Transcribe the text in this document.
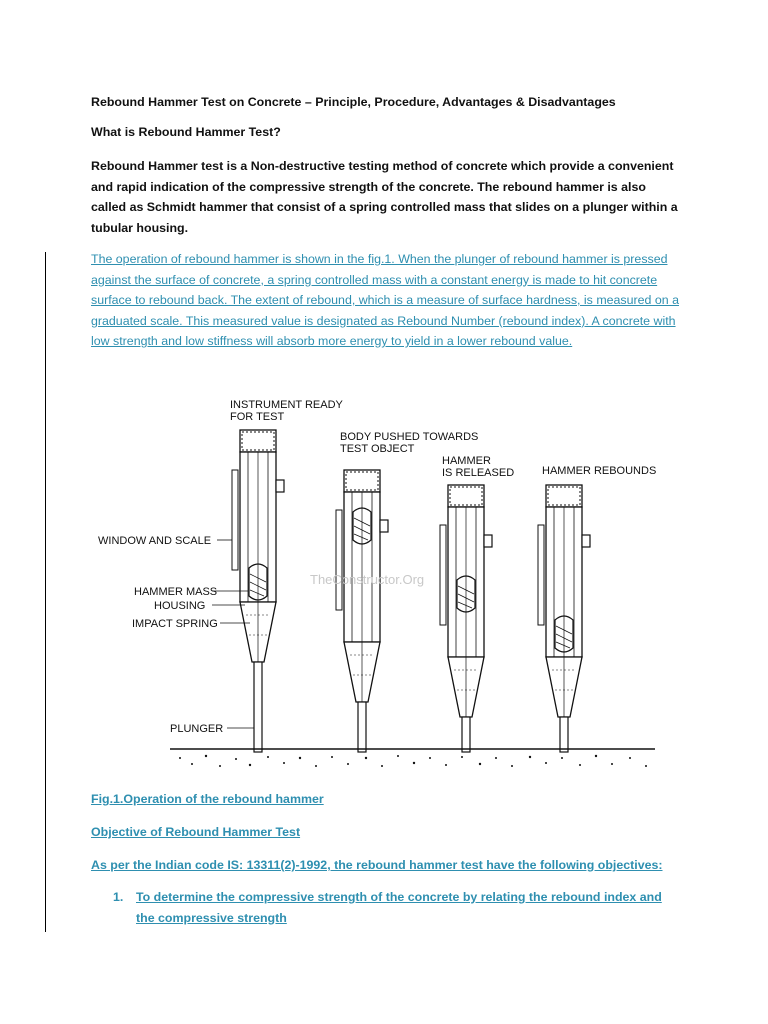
Rebound Hammer Test on Concrete – Principle, Procedure, Advantages & Disadvantages
What is Rebound Hammer Test?
Rebound Hammer test is a Non-destructive testing method of concrete which provide a convenient and rapid indication of the compressive strength of the concrete. The rebound hammer is also called as Schmidt hammer that consist of a spring controlled mass that slides on a plunger within a tubular housing.
The operation of rebound hammer is shown in the fig.1. When the plunger of rebound hammer is pressed against the surface of concrete, a spring controlled mass with a constant energy is made to hit concrete surface to rebound back. The extent of rebound, which is a measure of surface hardness, is measured on a graduated scale. This measured value is designated as Rebound Number (rebound index). A concrete with low strength and low stiffness will absorb more energy to yield in a lower rebound value.
INSTRUMENT READY
FOR TEST
BODY PUSHED TOWARDS
TEST OBJECT
HAMMER
IS RELEASED	HAMMER REBOUNDS
WINDOW AND SCALE
HAMMER MASS
HOUSING
IMPACT SPRING
PLUNGER
TheConstructor.Org
Fig.1.Operation of the rebound hammer
Objective of Rebound Hammer Test
As per the Indian code IS: 13311(2)-1992, the rebound hammer test have the following objectives:
1. To determine the compressive strength of the concrete by relating the rebound index and the compressive strength
